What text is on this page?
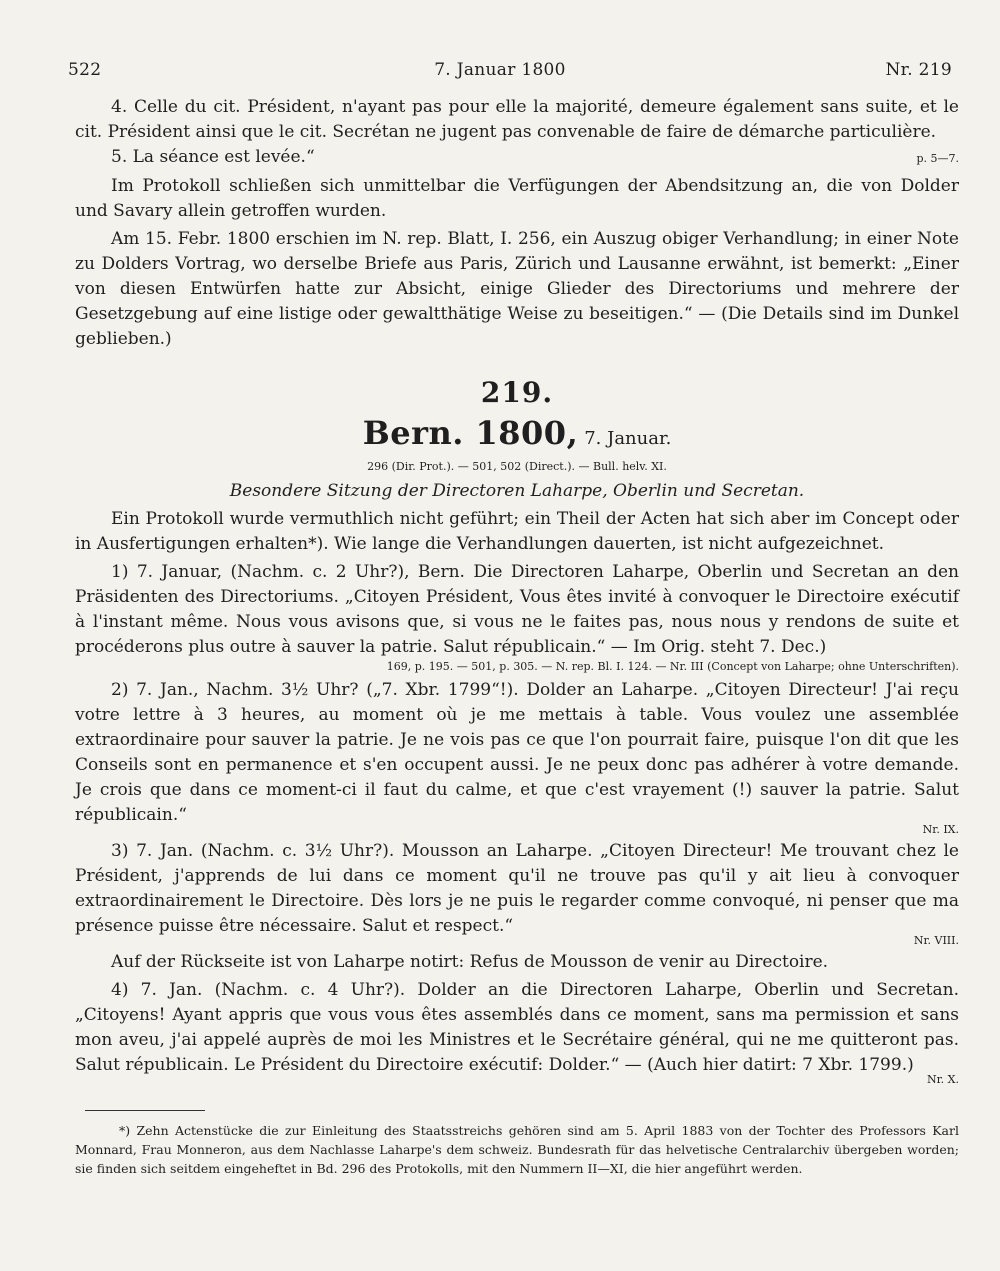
522	7. Januar 1800	Nr. 219

4. Celle du cit. Président, n'ayant pas pour elle la majorité, demeure également sans suite, et le cit. Président ainsi que le cit. Secrétan ne jugent pas convenable de faire de démarche particulière.

5. La séance est levée.“	p. 5—7.

Im Protokoll schließen sich unmittelbar die Verfügungen der Abendsitzung an, die von Dolder und Savary allein getroffen wurden.

Am 15. Febr. 1800 erschien im N. rep. Blatt, I. 256, ein Auszug obiger Verhandlung; in einer Note zu Dolders Vortrag, wo derselbe Briefe aus Paris, Zürich und Lausanne erwähnt, ist bemerkt: „Einer von diesen Entwürfen hatte zur Absicht, einige Glieder des Directoriums und mehrere der Gesetzgebung auf eine listige oder gewaltthätige Weise zu beseitigen.“ — (Die Details sind im Dunkel geblieben.)

219.
Bern. 1800, 7. Januar.
296 (Dir. Prot.). — 501, 502 (Direct.). — Bull. helv. XI.
Besondere Sitzung der Directoren Laharpe, Oberlin und Secretan.

Ein Protokoll wurde vermuthlich nicht geführt; ein Theil der Acten hat sich aber im Concept oder in Ausfertigungen erhalten*). Wie lange die Verhandlungen dauerten, ist nicht aufgezeichnet.

1) 7. Januar, (Nachm. c. 2 Uhr?), Bern. Die Directoren Laharpe, Oberlin und Secretan an den Präsidenten des Directoriums. „Citoyen Président, Vous êtes invité à convoquer le Directoire exécutif à l'instant même. Nous vous avisons que, si vous ne le faites pas, nous nous y rendons de suite et procéderons plus outre à sauver la patrie. Salut républicain.“ — Im Orig. steht 7. Dec.)

169, p. 195. — 501, p. 305. — N. rep. Bl. I. 124. — Nr. III (Concept von Laharpe; ohne Unterschriften).

2) 7. Jan., Nachm. 3½ Uhr? („7. Xbr. 1799“!). Dolder an Laharpe. „Citoyen Directeur! J'ai reçu votre lettre à 3 heures, au moment où je me mettais à table. Vous voulez une assemblée extraordinaire pour sauver la patrie. Je ne vois pas ce que l'on pourrait faire, puisque l'on dit que les Conseils sont en permanence et s'en occupent aussi. Je ne peux donc pas adhérer à votre demande. Je crois que dans ce moment-ci il faut du calme, et que c'est vrayement (!) sauver la patrie. Salut républicain.“

Nr. IX.

3) 7. Jan. (Nachm. c. 3½ Uhr?). Mousson an Laharpe. „Citoyen Directeur! Me trouvant chez le Président, j'apprends de lui dans ce moment qu'il ne trouve pas qu'il y ait lieu à convoquer extraordinairement le Directoire. Dès lors je ne puis le regarder comme convoqué, ni penser que ma présence puisse être nécessaire. Salut et respect.“

Nr. VIII.

Auf der Rückseite ist von Laharpe notirt: Refus de Mousson de venir au Directoire.

4) 7. Jan. (Nachm. c. 4 Uhr?). Dolder an die Directoren Laharpe, Oberlin und Secretan. „Citoyens! Ayant appris que vous vous êtes assemblés dans ce moment, sans ma permission et sans mon aveu, j'ai appelé auprès de moi les Ministres et le Secrétaire général, qui ne me quitteront pas. Salut républicain. Le Président du Directoire exécutif: Dolder.“ — (Auch hier datirt: 7 Xbr. 1799.)

Nr. X.

*) Zehn Actenstücke die zur Einleitung des Staatsstreichs gehören sind am 5. April 1883 von der Tochter des Professors Karl Monnard, Frau Monneron, aus dem Nachlasse Laharpe's dem schweiz. Bundesrath für das helvetische Centralarchiv übergeben worden; sie finden sich seitdem eingeheftet in Bd. 296 des Protokolls, mit den Nummern II—XI, die hier angeführt werden.
